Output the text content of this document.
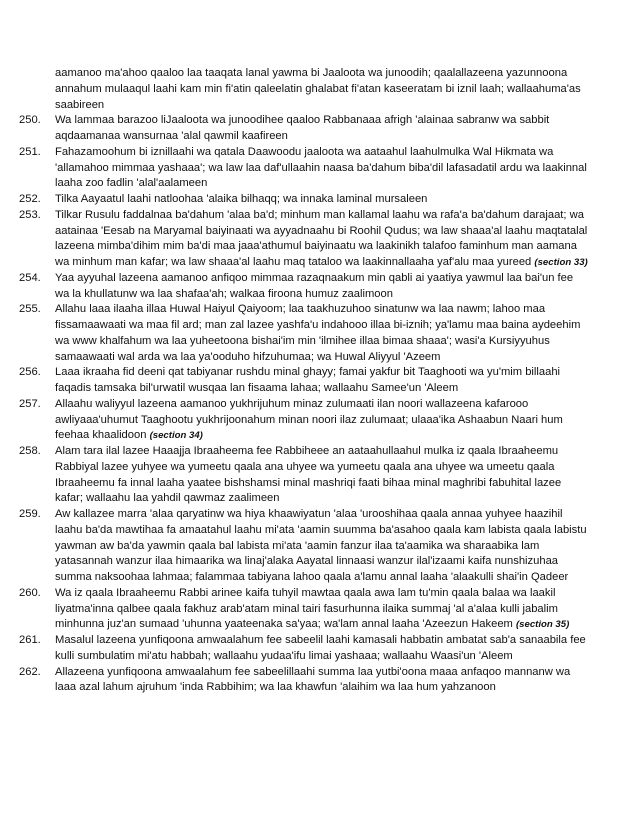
aamanoo ma'ahoo qaaloo laa taaqata lanal yawma bi Jaaloota wa junoodih; qaalallazeena yazunnoona annahum mulaaqul laahi kam min fi'atin qaleelatin ghalabat fi'atan kaseeratam bi iznil laah; wallaahuma'as saabireen
250. Wa lammaa barazoo liJaaloota wa junoodihee qaaloo Rabbanaaa afrigh 'alainaa sabranw wa sabbit aqdaamanaa wansurnaa 'alal qawmil kaafireen
251. Fahazamoohum bi iznillaahi wa qatala Daawoodu jaaloota wa aataahul laahulmulka Wal Hikmata wa 'allamahoo mimmaa yashaaa'; wa law laa daf'ullaahin naasa ba'dahum biba'dil lafasadatil ardu wa laakinnal laaha zoo fadlin 'alal'aalameen
252. Tilka Aayaatul laahi natloohaa 'alaika bilhaqq; wa innaka laminal mursaleen
253. Tilkar Rusulu faddalnaa ba'dahum 'alaa ba'd; minhum man kallamal laahu wa rafa'a ba'dahum darajaat; wa aatainaa 'Eesab na Maryamal baiyinaati wa ayyadnaahu bi Roohil Qudus; wa law shaaa'al laahu maqtatalal lazeena mimba'dihim mim ba'di maa jaaa'athumul baiyinaatu wa laakinikh talafoo faminhum man aamana wa minhum man kafar; wa law shaaa'al laahu maq tataloo wa laakinnallaaha yaf'alu maa yureed (section 33)
254. Yaa ayyuhal lazeena aamanoo anfiqoo mimmaa razaqnaakum min qabli ai yaatiya yawmul laa bai'un fee wa la khullatunw wa laa shafaa'ah; walkaa firoona humuz zaalimoon
255. Allahu laaa ilaaha illaa Huwal Haiyul Qaiyoom; laa taakhuzuhoo sinatunw wa laa nawm; lahoo maa fissamaawaati wa maa fil ard; man zal lazee yashfa'u indahooo illaa bi-iznih; ya'lamu maa baina aydeehim wa www khalfahum wa laa yuheetoona bishai'im min 'ilmihee illaa bimaa shaaa'; wasi'a Kursiyyuhus samaawaati wal arda wa laa ya'ooduho hifzuhumaa; wa Huwal Aliyyul 'Azeem
256. Laaa ikraaha fid deeni qat tabiyanar rushdu minal ghayy; famai yakfur bit Taaghooti wa yu'mim billaahi faqadis tamsaka bil'urwatil wusqaa lan fisaama lahaa; wallaahu Samee'un 'Aleem
257. Allaahu waliyyul lazeena aamanoo yukhrijuhum minaz zulumaati ilan noori wallazeena kafarooo awliyaaa'uhumut Taaghootu yukhrijoonahum minan noori ilaz zulumaat; ulaaa'ika Ashaabun Naari hum feehaa khaalidoon (section 34)
258. Alam tara ilal lazee Haaajja Ibraaheema fee Rabbiheee an aataahullaahul mulka iz qaala Ibraaheemu Rabbiyal lazee yuhyee wa yumeetu qaala ana uhyee wa yumeetu qaala ana uhyee wa umeetu qaala Ibraaheemu fa innal laaha yaatee bishshamsi minal mashriqi faati bihaa minal maghribi fabuhital lazee kafar; wallaahu laa yahdil qawmaz zaalimeen
259. Aw kallazee marra 'alaa qaryatinw wa hiya khaawiyatun 'alaa 'urooshihaa qaala annaa yuhyee haazihil laahu ba'da mawtihaa fa amaatahul laahu mi'ata 'aamin suumma ba'asahoo qaala kam labista qaala labistu yawman aw ba'da yawmin qaala bal labista mi'ata 'aamin fanzur ilaa ta'aamika wa sharaabika lam yatasannah wanzur ilaa himaarika wa linaj'alaka Aayatal linnaasi wanzur ilal'izaami kaifa nunshizuhaa summa naksoohaa lahmaa; falammaa tabiyana lahoo qaala a'lamu annal laaha 'alaakulli shai'in Qadeer
260. Wa iz qaala Ibraaheemu Rabbi arinee kaifa tuhyil mawtaa qaala awa lam tu'min qaala balaa wa laakil liyatma'inna qalbee qaala fakhuz arab'atam minal tairi fasurhunna ilaika summaj 'al a'alaa kulli jabalim minhunna juz'an sumaad 'uhunna yaateenaka sa'yaa; wa'lam annal laaha 'Azeezun Hakeem (section 35)
261. Masalul lazeena yunfiqoona amwaalahum fee sabeelil laahi kamasali habbatin ambatat sab'a sanaabila fee kulli sumbulatim mi'atu habbah; wallaahu yudaa'ifu limai yashaaa; wallaahu Waasi'un 'Aleem
262. Allazeena yunfiqoona amwaalahum fee sabeelillaahi summa laa yutbi'oona maaa anfaqoo mannanw wa laaa azal lahum ajruhum 'inda Rabbihim; wa laa khawfun 'alaihim wa laa hum yahzanoon
